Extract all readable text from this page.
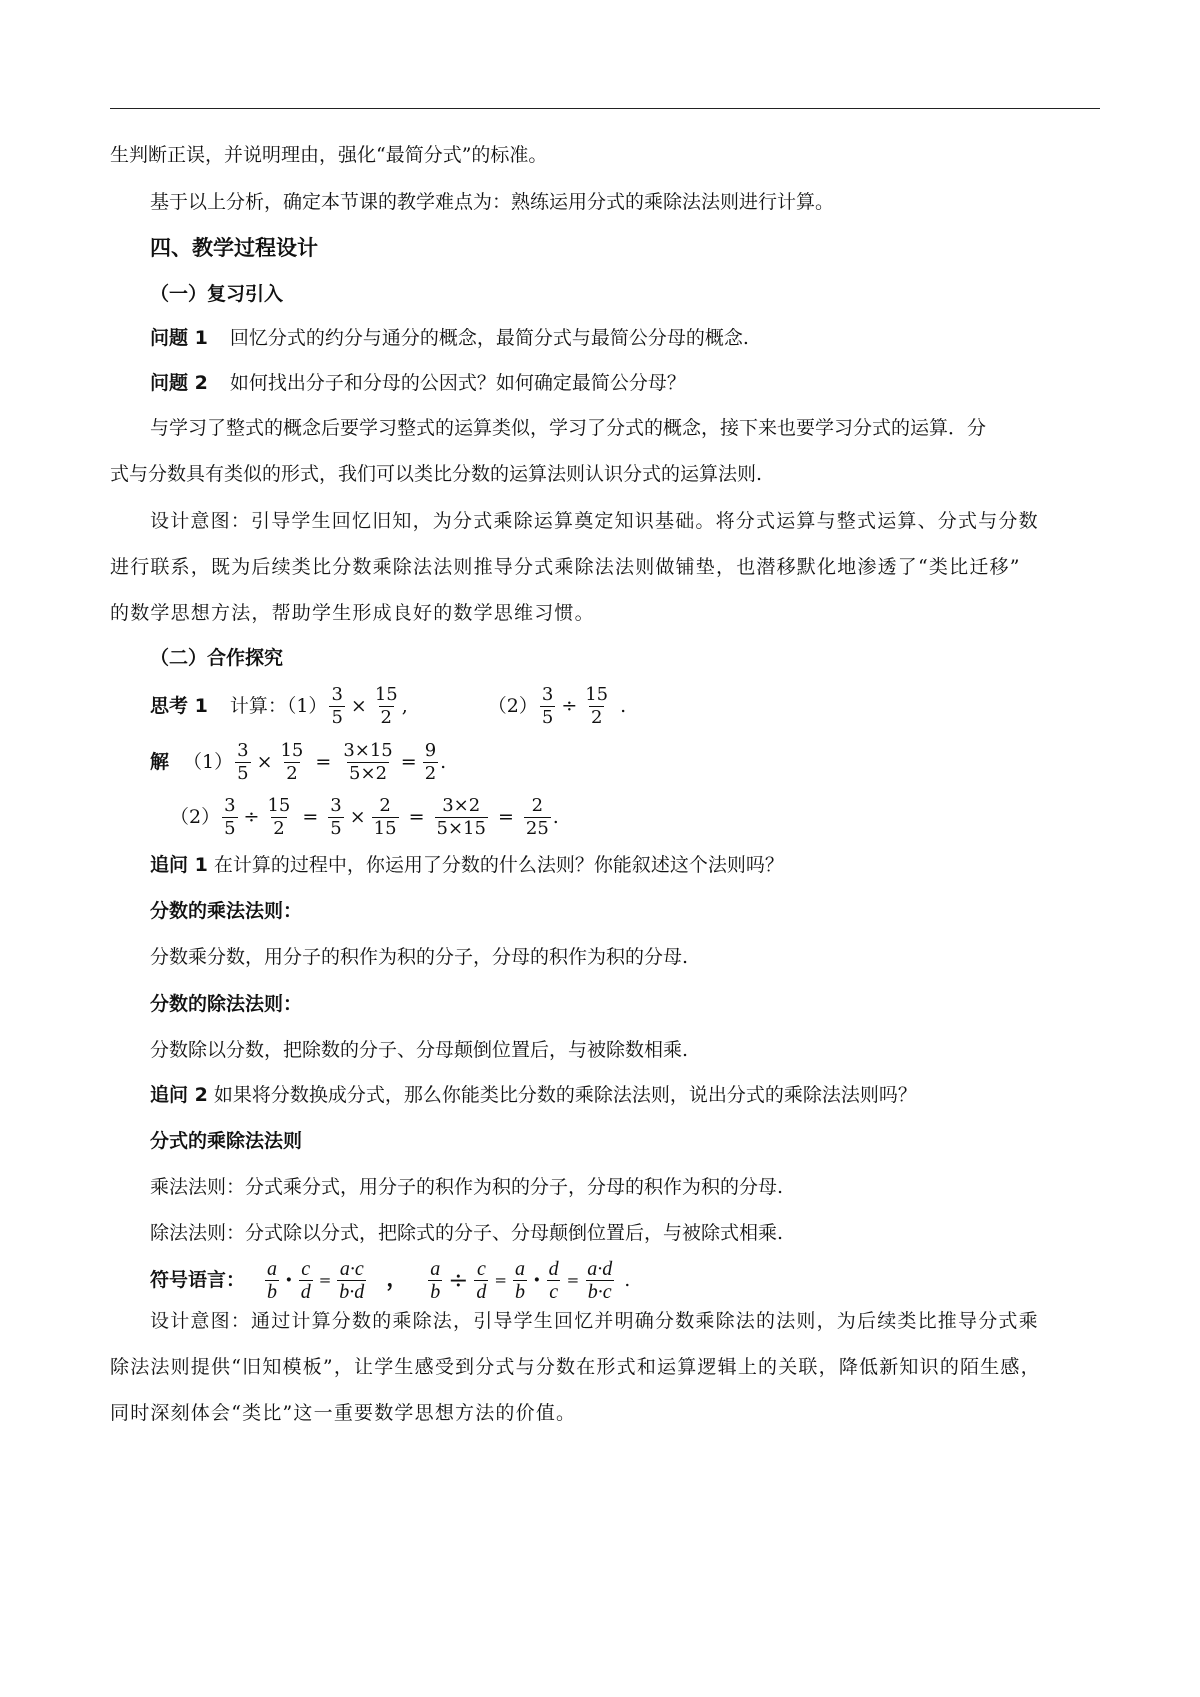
生判断正误，并说明理由，强化“最简分式”的标准。
基于以上分析，确定本节课的教学难点为：熟练运用分式的乘除法法则进行计算。
四、教学过程设计
（一）复习引入
问题 1 回忆分式的约分与通分的概念，最简分式与最简公分母的概念.
问题 2 如何找出分子和分母的公因式？如何确定最简公分母？
与学习了整式的概念后要学习整式的运算类似，学习了分式的概念，接下来也要学习分式的运算．分
式与分数具有类似的形式，我们可以类比分数的运算法则认识分式的运算法则.
设计意图：引导学生回忆旧知，为分式乘除运算奠定知识基础。将分式运算与整式运算、分式与分数
进行联系，既为后续类比分数乘除法法则推导分式乘除法法则做铺垫，也潜移默化地渗透了“类比迁移”
的数学思想方法，帮助学生形成良好的数学思维习惯。
（二）合作探究
思考 1 计算：$(1) \frac{3}{5} \times \frac{15}{2}$ ,	$(2) \frac{3}{5} \div \frac{15}{2}$ .
解 $(1) \frac{3}{5} \times \frac{15}{2} = \frac{3\times 15}{5\times 2} = \frac{9}{2}$ .
$(2) \frac{3}{5} \div \frac{15}{2} = \frac{3}{5} \times \frac{2}{15} = \frac{3\times 2}{5\times 15} = \frac{2}{25}$ .
追问 1 在计算的过程中，你运用了分数的什么法则？你能叙述这个法则吗？
分数的乘法法则：
分数乘分数，用分子的积作为积的分子，分母的积作为积的分母.
分数的除法法则：
分数除以分数，把除数的分子、分母颠倒位置后，与被除数相乘.
追问 2 如果将分数换成分式，那么你能类比分数的乘除法法则，说出分式的乘除法法则吗？
分式的乘除法法则
乘法法则：分式乘分式，用分子的积作为积的分子，分母的积作为积的分母.
除法法则：分式除以分式，把除式的分子、分母颠倒位置后，与被除式相乘.
符号语言： $\frac{a}{b} \cdot \frac{c}{d} = \frac{a\cdot c}{b\cdot d}$ ， $\frac{a}{b} \div \frac{c}{d} = \frac{a}{b} \cdot \frac{d}{c} = \frac{a\cdot d}{b\cdot c}$ .
设计意图：通过计算分数的乘除法，引导学生回忆并明确分数乘除法的法则，为后续类比推导分式乘
除法法则提供“旧知模板”，让学生感受到分式与分数在形式和运算逻辑上的关联，降低新知识的陌生感，
同时深刻体会“类比”这一重要数学思想方法的价值。
